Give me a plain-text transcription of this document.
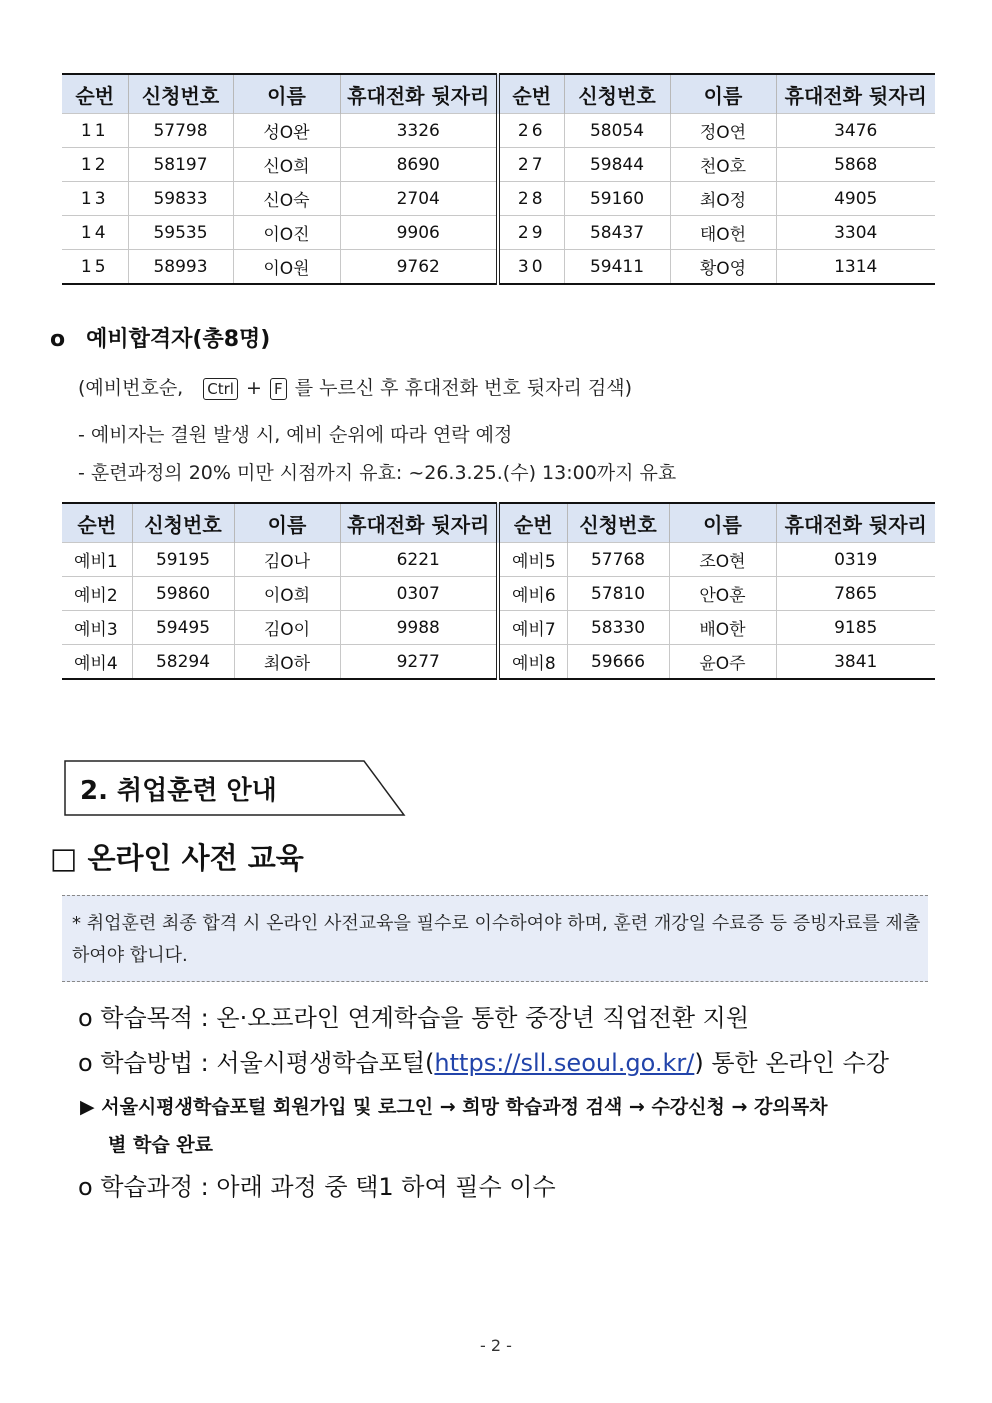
순번	신청번호	이름	휴대전화 뒷자리	순번	신청번호	이름	휴대전화 뒷자리
11	57798	성O완	3326	26	58054	정O연	3476
12	58197	신O희	8690	27	59844	천O호	5868
13	59833	신O숙	2704	28	59160	최O정	4905
14	59535	이O진	9906	29	58437	태O헌	3304
15	58993	이O원	9762	30	59411	황O영	1314
o 예비합격자(총8명)
(예비번호순, Ctrl + F 를 누르신 후 휴대전화 번호 뒷자리 검색)
- 예비자는 결원 발생 시, 예비 순위에 따라 연락 예정
- 훈련과정의 20% 미만 시점까지 유효: ~26.3.25.(수) 13:00까지 유효
순번	신청번호	이름	휴대전화 뒷자리	순번	신청번호	이름	휴대전화 뒷자리
예비1	59195	김O나	6221	예비5	57768	조O현	0319
예비2	59860	이O희	0307	예비6	57810	안O훈	7865
예비3	59495	김O이	9988	예비7	58330	배O한	9185
예비4	58294	최O하	9277	예비8	59666	윤O주	3841
2. 취업훈련 안내
□ 온라인 사전 교육

* 취업훈련 최종 합격 시 온라인 사전교육을 필수로 이수하여야 하며, 훈련 개강일 수료증 등 증빙자료를 제출하여야 합니다.

o 학습목적 : 온·오프라인 연계학습을 통한 중장년 직업전환 지원
o 학습방법 : 서울시평생학습포털(https://sll.seoul.go.kr/) 통한 온라인 수강
▶ 서울시평생학습포털 회원가입 및 로그인 → 희망 학습과정 검색 → 수강신청 → 강의목차
별 학습 완료
o 학습과정 : 아래 과정 중 택1 하여 필수 이수
- 2 -
